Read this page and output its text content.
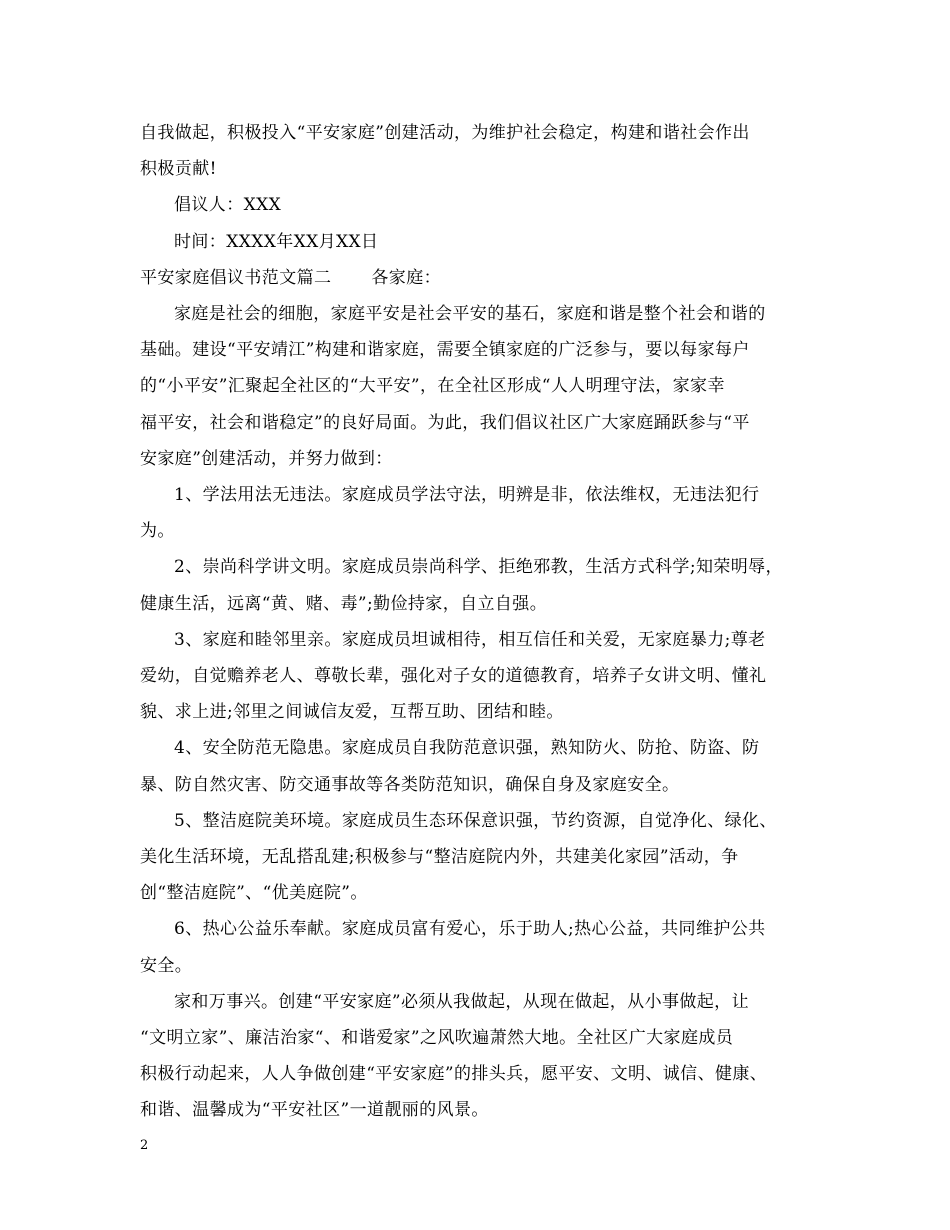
自我做起，积极投入“平安家庭”创建活动，为维护社会稳定，构建和谐社会作出

积极贡献!

倡议人：XXX

时间：XXXX年XX月XX日

平安家庭倡议书范文篇二 各家庭：

家庭是社会的细胞，家庭平安是社会平安的基石，家庭和谐是整个社会和谐的

基础。建设“平安靖江”构建和谐家庭，需要全镇家庭的广泛参与，要以每家每户

的“小平安”汇聚起全社区的“大平安”，在全社区形成“人人明理守法，家家幸

福平安，社会和谐稳定”的良好局面。为此，我们倡议社区广大家庭踊跃参与“平

安家庭”创建活动，并努力做到：

1、学法用法无违法。家庭成员学法守法，明辨是非，依法维权，无违法犯行

为。

2、崇尚科学讲文明。家庭成员崇尚科学、拒绝邪教，生活方式科学;知荣明辱，

健康生活，远离“黄、赌、毒”;勤俭持家，自立自强。

3、家庭和睦邻里亲。家庭成员坦诚相待，相互信任和关爱，无家庭暴力;尊老

爱幼，自觉赡养老人、尊敬长辈，强化对子女的道德教育，培养子女讲文明、懂礼

貌、求上进;邻里之间诚信友爱，互帮互助、团结和睦。

4、安全防范无隐患。家庭成员自我防范意识强，熟知防火、防抢、防盗、防

暴、防自然灾害、防交通事故等各类防范知识，确保自身及家庭安全。

5、整洁庭院美环境。家庭成员生态环保意识强，节约资源，自觉净化、绿化、

美化生活环境，无乱搭乱建;积极参与“整洁庭院内外，共建美化家园”活动，争

创“整洁庭院”、“优美庭院”。

6、热心公益乐奉献。家庭成员富有爱心，乐于助人;热心公益，共同维护公共

安全。

家和万事兴。创建“平安家庭”必须从我做起，从现在做起，从小事做起，让

“文明立家”、廉洁治家“、和谐爱家”之风吹遍萧然大地。全社区广大家庭成员

积极行动起来，人人争做创建“平安家庭”的排头兵，愿平安、文明、诚信、健康、

和谐、温馨成为“平安社区”一道靓丽的风景。

2
